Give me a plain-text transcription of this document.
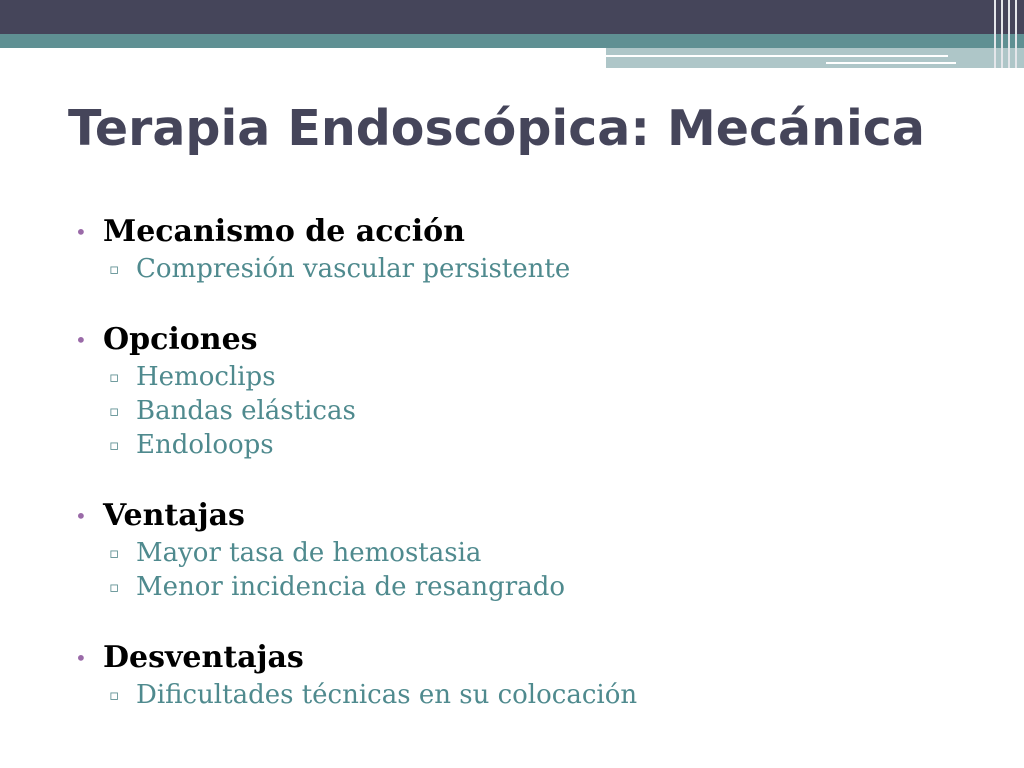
Terapia Endoscópica: Mecánica
• Mecanismo de acción
▫ Compresión vascular persistente
• Opciones
▫ Hemoclips
▫ Bandas elásticas
▫ Endoloops
• Ventajas
▫ Mayor tasa de hemostasia
▫ Menor incidencia de resangrado
• Desventajas
▫ Dificultades técnicas en su colocación
